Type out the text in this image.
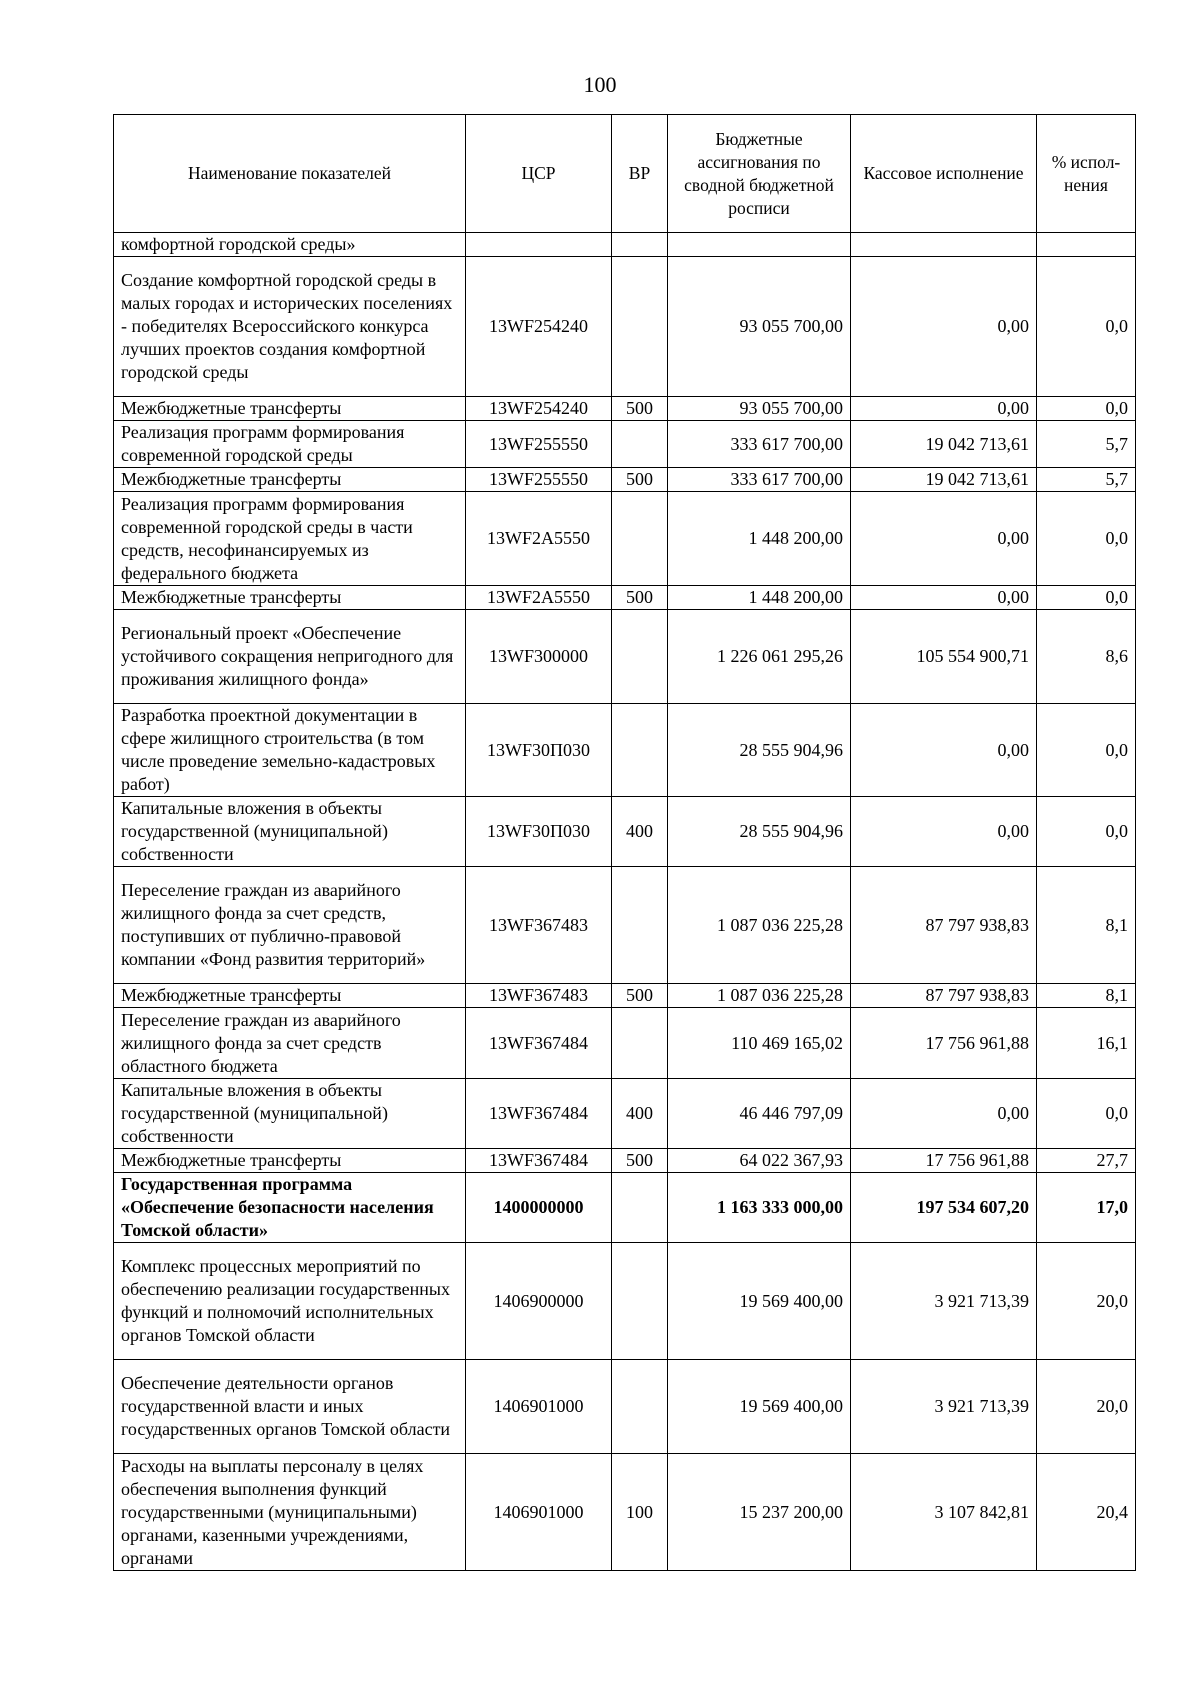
100
Наименование показателей	ЦСР	ВР	Бюджетные ассигнования по сводной бюджетной росписи	Кассовое исполнение	% испол-нения
комфортной городской среды»					
Создание комфортной городской среды в малых городах и исторических поселениях - победителях Всероссийского конкурса лучших проектов создания комфортной городской среды	13WF254240		93 055 700,00	0,00	0,0
Межбюджетные трансферты	13WF254240	500	93 055 700,00	0,00	0,0
Реализация программ формирования современной городской среды	13WF255550		333 617 700,00	19 042 713,61	5,7
Межбюджетные трансферты	13WF255550	500	333 617 700,00	19 042 713,61	5,7
Реализация программ формирования современной городской среды в части средств, несофинансируемых из федерального бюджета	13WF2A5550		1 448 200,00	0,00	0,0
Межбюджетные трансферты	13WF2A5550	500	1 448 200,00	0,00	0,0
Региональный проект «Обеспечение устойчивого сокращения непригодного для проживания жилищного фонда»	13WF300000		1 226 061 295,26	105 554 900,71	8,6
Разработка проектной документации в сфере жилищного строительства (в том числе проведение земельно-кадастровых работ)	13WF30П030		28 555 904,96	0,00	0,0
Капитальные вложения в объекты государственной (муниципальной) собственности	13WF30П030	400	28 555 904,96	0,00	0,0
Переселение граждан из аварийного жилищного фонда за счет средств, поступивших от публично-правовой компании «Фонд развития территорий»	13WF367483		1 087 036 225,28	87 797 938,83	8,1
Межбюджетные трансферты	13WF367483	500	1 087 036 225,28	87 797 938,83	8,1
Переселение граждан из аварийного жилищного фонда за счет средств областного бюджета	13WF367484		110 469 165,02	17 756 961,88	16,1
Капитальные вложения в объекты государственной (муниципальной) собственности	13WF367484	400	46 446 797,09	0,00	0,0
Межбюджетные трансферты	13WF367484	500	64 022 367,93	17 756 961,88	27,7
Государственная программа «Обеспечение безопасности населения Томской области»	1400000000		1 163 333 000,00	197 534 607,20	17,0
Комплекс процессных мероприятий по обеспечению реализации государственных функций и полномочий исполнительных органов Томской области	1406900000		19 569 400,00	3 921 713,39	20,0
Обеспечение деятельности органов государственной власти и иных государственных органов Томской области	1406901000		19 569 400,00	3 921 713,39	20,0
Расходы на выплаты персоналу в целях обеспечения выполнения функций государственными (муниципальными) органами, казенными учреждениями, органами	1406901000	100	15 237 200,00	3 107 842,81	20,4
